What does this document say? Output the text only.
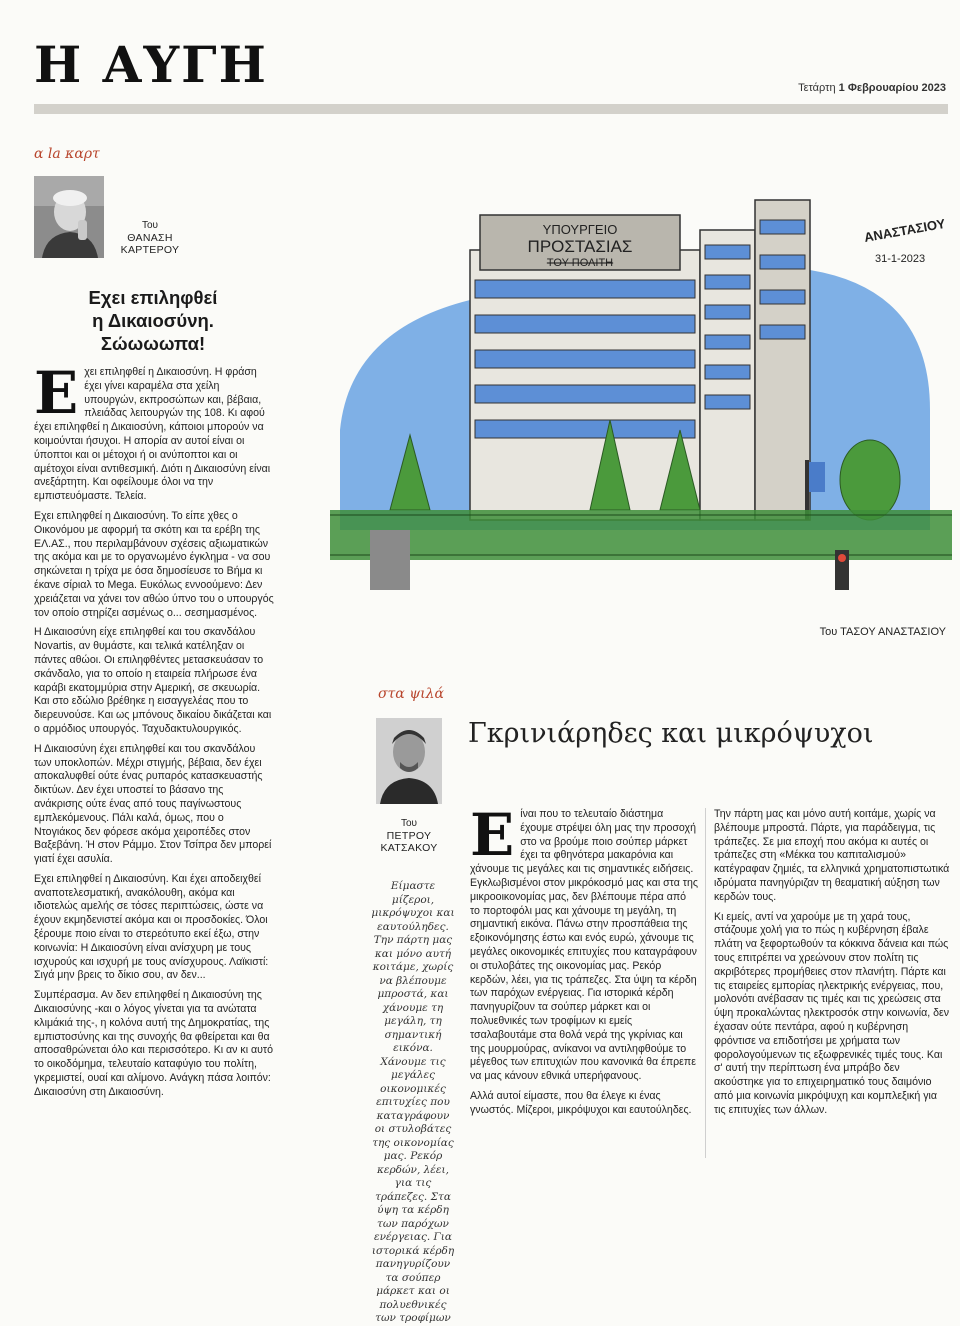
Η ΑΥΓΗ	Τετάρτη 1 Φεβρουαρίου 2023
α la καρτ
Του
ΘΑΝΑΣΗ
ΚΑΡΤΕΡΟΥ
Εχει επιληφθεί
η Δικαιοσύνη.
Σώωωωπα!

Εχει επιληφθεί η Δικαιοσύνη. Η φράση έχει γίνει καραμέλα στα χείλη υπουργών, εκπροσώπων και, βέβαια, πλειάδας λειτουργών της 108. Κι αφού έχει επιληφθεί η Δικαιοσύνη, κάποιοι μπορούν να κοιμούνται ήσυχοι. Η απορία αν αυτοί είναι οι ύποπτοι και οι μέτοχοι ή οι ανύποπτοι και οι αμέτοχοι είναι αντιθεσμική. Διότι η Δικαιοσύνη είναι ανεξάρτητη. Και οφείλουμε όλοι να την εμπιστευόμαστε. Τελεία.

Εχει επιληφθεί η Δικαιοσύνη. Το είπε χθες ο Οικονόμου με αφορμή τα σκότη και τα ερέβη της ΕΛ.ΑΣ., που περιλαμβάνουν σχέσεις αξιωματικών της ακόμα και με το οργανωμένο έγκλημα - να σου σηκώνεται η τρίχα με όσα δημοσίευσε το Βήμα κι έκανε σίριαλ το Mega. Ευκόλως εννοούμενο: Δεν χρειάζεται να χάνει τον αθώο ύπνο του ο υπουργός τον οποίο στηρίζει ασμένως ο... σεσημασμένος.

Η Δικαιοσύνη είχε επιληφθεί και του σκανδάλου Novartis, αν θυμάστε, και τελικά κατέληξαν οι πάντες αθώοι. Οι επιληφθέντες μετασκευάσαν το σκάνδαλο, για το οποίο η εταιρεία πλήρωσε ένα καράβι εκατομμύρια στην Αμερική, σε σκευωρία. Και στο εδώλιο βρέθηκε η εισαγγελέας που το διερευνούσε. Και ως μπόνους δικαίου δικάζεται και ο αρμόδιος υπουργός. Ταχυδακτυλουργικός.

Η Δικαιοσύνη έχει επιληφθεί και του σκανδάλου των υποκλοπών. Μέχρι στιγμής, βέβαια, δεν έχει αποκαλυφθεί ούτε ένας ρυπαρός κατασκευαστής δικτύων. Δεν έχει υποστεί το βάσανο της ανάκρισης ούτε ένας από τους παγίνωστους εμπλεκόμενους. Πάλι καλά, όμως, που ο Ντογιάκος δεν φόρεσε ακόμα χειροπέδες στον Βαξεβάνη. Ή στον Ράμμο. Στον Τσίπρα δεν μπορεί γιατί έχει ασυλία.

Εχει επιληφθεί η Δικαιοσύνη. Και έχει αποδειχθεί αναποτελεσματική, ανακόλουθη, ακόμα και ιδιοτελώς αμελής σε τόσες περιπτώσεις, ώστε να έχουν εκμηδενιστεί ακόμα και οι προσδοκίες. Όλοι ξέρουμε ποιο είναι το στερεότυπο εκεί έξω, στην κοινωνία: Η Δικαιοσύνη είναι ανίσχυρη με τους ισχυρούς και ισχυρή με τους ανίσχυρους. Λαϊκιστί: Σιγά μην βρεις το δίκιο σου, αν δεν...

Συμπέρασμα. Αν δεν επιληφθεί η Δικαιοσύνη της Δικαιοσύνης -και ο λόγος γίνεται για τα ανώτατα κλιμάκιά της-, η κολόνα αυτή της Δημοκρατίας, της εμπιστοσύνης και της συνοχής θα φθείρεται και θα αποσαθρώνεται όλο και περισσότερο. Κι αν κι αυτό το οικοδόμημα, τελευταίο καταφύγιο του πολίτη, γκρεμιστεί, ουαί και αλίμονο. Ανάγκη πάσα λοιπόν: Δικαιοσύνη στη Δικαιοσύνη.

ΥΠΟΥΡΓΕΙΟ
ΠΡΟΣΤΑΣΙΑΣ
ΤΟΥ ΠΟΛΙΤΗ
ΑΝΑΣΤΑΣΙΟΥ
31-1-2023
Του ΤΑΣΟΥ ΑΝΑΣΤΑΣΙΟΥ
στα ψιλά
Του
ΠΕΤΡΟΥ
ΚΑΤΣΑΚΟΥ
Γκρινιάρηδες και μικρόψυχοι
Είμαστε μίζεροι, μικρόψυχοι και εαυτούληδες. Την πάρτη μας και μόνο αυτή κοιτάμε, χωρίς να βλέπουμε μπροστά, και χάνουμε τη μεγάλη, τη σημαντική εικόνα. Χάνουμε τις μεγάλες οικονομικές επιτυχίες που καταγράφουν οι στυλοβάτες της οικονομίας μας. Ρεκόρ κερδών, λέει, για τις τράπεζες. Στα ύψη τα κέρδη των παρόχων ενέργειας. Για ιστορικά κέρδη πανηγυρίζουν τα σούπερ μάρκετ και οι πολυεθνικές των τροφίμων

Είναι που το τελευταίο διάστημα έχουμε στρέψει όλη μας την προσοχή στο να βρούμε ποιο σούπερ μάρκετ έχει τα φθηνότερα μακαρόνια και χάνουμε τις μεγάλες και τις σημαντικές ειδήσεις. Εγκλωβισμένοι στον μικρόκοσμό μας και στα της μικροοικονομίας μας, δεν βλέπουμε πέρα από το πορτοφόλι μας και χάνουμε τη μεγάλη, τη σημαντική εικόνα. Πάνω στην προσπάθεια της εξοικονόμησης έστω και ενός ευρώ, χάνουμε τις μεγάλες οικονομικές επιτυχίες που καταγράφουν οι στυλοβάτες της οικονομίας μας. Ρεκόρ κερδών, λέει, για τις τράπεζες. Στα ύψη τα κέρδη των παρόχων ενέργειας. Για ιστορικά κέρδη πανηγυρίζουν τα σούπερ μάρκετ και οι πολυεθνικές των τροφίμων κι εμείς τσαλαβουτάμε στα θολά νερά της γκρίνιας και της μουρμούρας, ανίκανοι να αντιληφθούμε το μέγεθος των επιτυχιών που κανονικά θα έπρεπε να μας κάνουν εθνικά υπερήφανους.

Αλλά αυτοί είμαστε, που θα έλεγε κι ένας γνωστός. Μίζεροι, μικρόψυχοι και εαυτούληδες.

Την πάρτη μας και μόνο αυτή κοιτάμε, χωρίς να βλέπουμε μπροστά. Πάρτε, για παράδειγμα, τις τράπεζες. Σε μια εποχή που ακόμα κι αυτές οι τράπεζες στη «Μέκκα του καπιταλισμού» κατέγραφαν ζημιές, τα ελληνικά χρηματοπιστωτικά ιδρύματα πανηγύριζαν τη θεαματική αύξηση των κερδών τους.

Κι εμείς, αντί να χαρούμε με τη χαρά τους, στάζουμε χολή για το πώς η κυβέρνηση έβαλε πλάτη να ξεφορτωθούν τα κόκκινα δάνεια και πώς τους επιτρέπει να χρεώνουν στον πολίτη τις ακριβότερες προμήθειες στον πλανήτη. Πάρτε και τις εταιρείες εμπορίας ηλεκτρικής ενέργειας, που, μολονότι ανέβασαν τις τιμές και τις χρεώσεις στα ύψη προκαλώντας ηλεκτροσόκ στην κοινωνία, δεν έχασαν ούτε πεντάρα, αφού η κυβέρνηση φρόντισε να επιδοτήσει με χρήματα των φορολογούμενων τις εξωφρενικές τιμές τους. Και σ' αυτή την περίπτωση ένα μπράβο δεν ακούστηκε για το επιχειρηματικό τους δαιμόνιο από μια κοινωνία μικρόψυχη και κομπλεξική για τις επιτυχίες των άλλων.
